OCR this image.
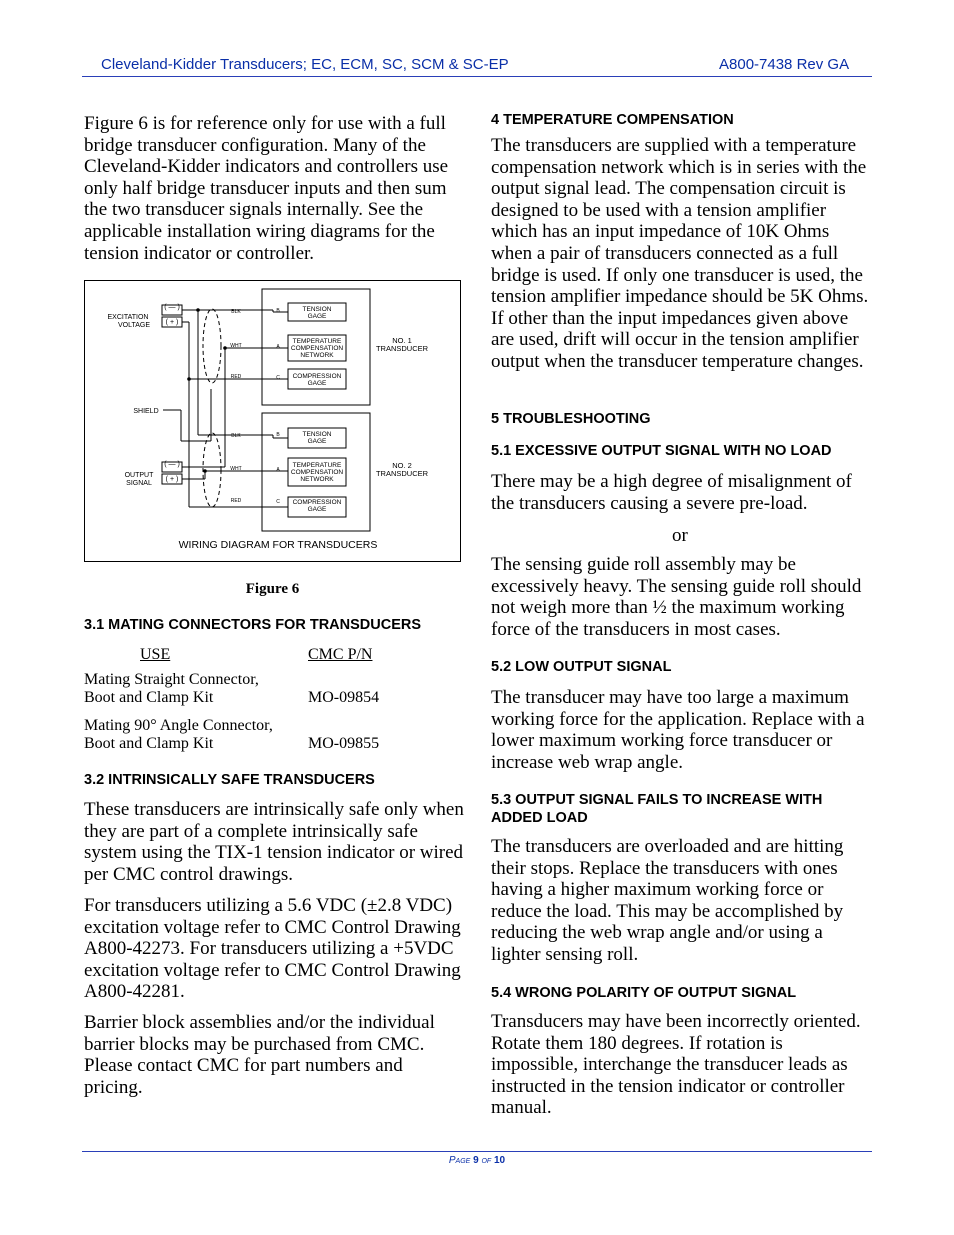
Cleveland-Kidder Transducers; EC, ECM, SC, SCM & SC-EP	A800-7438 Rev GA
Figure 6 is for reference only for use with a full bridge transducer configuration. Many of the Cleveland-Kidder indicators and controllers use only half bridge transducer inputs and then sum the two transducer signals internally. See the applicable installation wiring diagrams for the tension indicator or controller.
EXCITATION
VOLTAGE
( — )
( + )
SHIELD
OUTPUT
SIGNAL
( — )
( + )
BLK
WHT
RED
BLK
WHT
RED
B
A
C
B
A
C
TENSION
GAGE
TEMPERATURE
COMPENSATION
NETWORK
COMPRESSION
GAGE
TENSION
GAGE
TEMPERATURE
COMPENSATION
NETWORK
COMPRESSION
GAGE
NO. 1
TRANSDUCER
NO. 2
TRANSDUCER
WIRING DIAGRAM FOR TRANSDUCERS
Figure 6
3.1 MATING CONNECTORS FOR TRANSDUCERS
USE	CMC P/N
Mating Straight Connector,
Boot and Clamp Kit	MO-09854
Mating 90° Angle Connector,
Boot and Clamp Kit	MO-09855
3.2 INTRINSICALLY SAFE TRANSDUCERS
These transducers are intrinsically safe only when they are part of a complete intrinsically safe system using the TIX-1 tension indicator or wired per CMC control drawings.
For transducers utilizing a 5.6 VDC (±2.8 VDC) excitation voltage refer to CMC Control Drawing A800-42273. For transducers utilizing a +5VDC excitation voltage refer to CMC Control Drawing A800-42281.
Barrier block assemblies and/or the individual barrier blocks may be purchased from CMC. Please contact CMC for part numbers and pricing.
4 TEMPERATURE COMPENSATION
The transducers are supplied with a temperature compensation network which is in series with the output signal lead. The compensation circuit is designed to be used with a tension amplifier which has an input impedance of 10K Ohms when a pair of transducers connected as a full bridge is used. If only one transducer is used, the tension amplifier impedance should be 5K Ohms. If other than the input impedances given above are used, drift will occur in the tension amplifier output when the transducer temperature changes.
5 TROUBLESHOOTING
5.1 EXCESSIVE OUTPUT SIGNAL WITH NO LOAD
There may be a high degree of misalignment of the transducers causing a severe pre-load.
or
The sensing guide roll assembly may be excessively heavy. The sensing guide roll should not weigh more than ½ the maximum working force of the transducers in most cases.
5.2 LOW OUTPUT SIGNAL
The transducer may have too large a maximum working force for the application. Replace with a lower maximum working force transducer or increase web wrap angle.
5.3 OUTPUT SIGNAL FAILS TO INCREASE WITH
ADDED LOAD
The transducers are overloaded and are hitting their stops. Replace the transducers with ones having a higher maximum working force or reduce the load. This may be accomplished by reducing the web wrap angle and/or using a lighter sensing roll.
5.4 WRONG POLARITY OF OUTPUT SIGNAL
Transducers may have been incorrectly oriented. Rotate them 180 degrees. If rotation is impossible, interchange the transducer leads as instructed in the tension indicator or controller manual.
Page 9 of 10
